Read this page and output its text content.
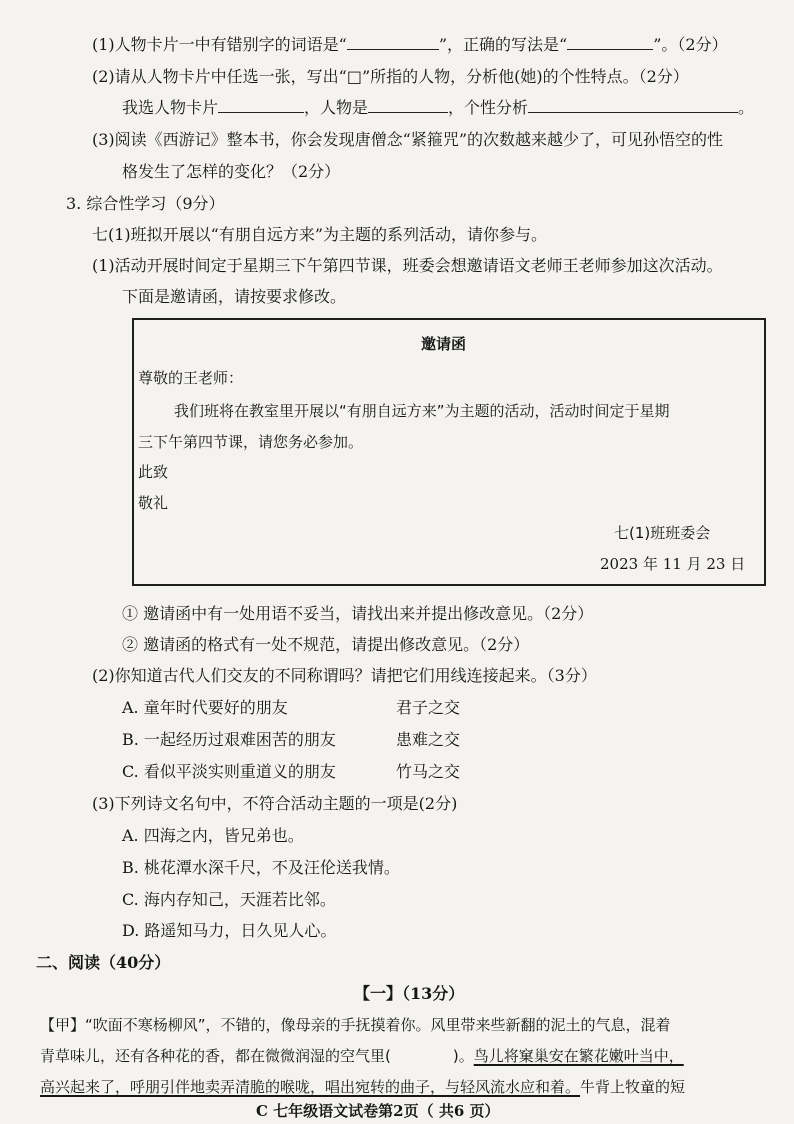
(1)人物卡片一中有错别字的词语是“	”，正确的写法是“	”。（2分）
(2)请从人物卡片中任选一张，写出“□”所指的人物，分析他(她)的个性特点。（2分）
我选人物卡片	，人物是	，个性分析	。
(3)阅读《西游记》整本书，你会发现唐僧念“紧箍咒”的次数越来越少了，可见孙悟空的性
格发生了怎样的变化？（2分）
3. 综合性学习（9分）
七(1)班拟开展以“有朋自远方来”为主题的系列活动，请你参与。
(1)活动开展时间定于星期三下午第四节课，班委会想邀请语文老师王老师参加这次活动。
下面是邀请函，请按要求修改。
邀请函
尊敬的王老师：
我们班将在教室里开展以“有朋自远方来”为主题的活动，活动时间定于星期
三下午第四节课，请您务必参加。
此致
敬礼
七(1)班班委会
2023 年 11 月 23 日
① 邀请函中有一处用语不妥当，请找出来并提出修改意见。（2分）
② 邀请函的格式有一处不规范，请提出修改意见。（2分）
(2)你知道古代人们交友的不同称谓吗？请把它们用线连接起来。（3分）
A. 童年时代要好的朋友	君子之交
B. 一起经历过艰难困苦的朋友	患难之交
C. 看似平淡实则重道义的朋友	竹马之交
(3)下列诗文名句中，不符合活动主题的一项是(2分)
A. 四海之内，皆兄弟也。
B. 桃花潭水深千尺，不及汪伦送我情。
C. 海内存知己，天涯若比邻。
D. 路遥知马力，日久见人心。
二、阅读（40分）
【一】（13分）
【甲】“吹面不寒杨柳风”，不错的，像母亲的手抚摸着你。风里带来些新翻的泥土的气息，混着
青草味儿，还有各种花的香，都在微微润湿的空气里(	)。鸟儿将窠巢安在繁花嫩叶当中，
高兴起来了，呼朋引伴地卖弄清脆的喉咙，唱出宛转的曲子，与轻风流水应和着。牛背上牧童的短
C 七年级语文试卷第2页（ 共6 页）
